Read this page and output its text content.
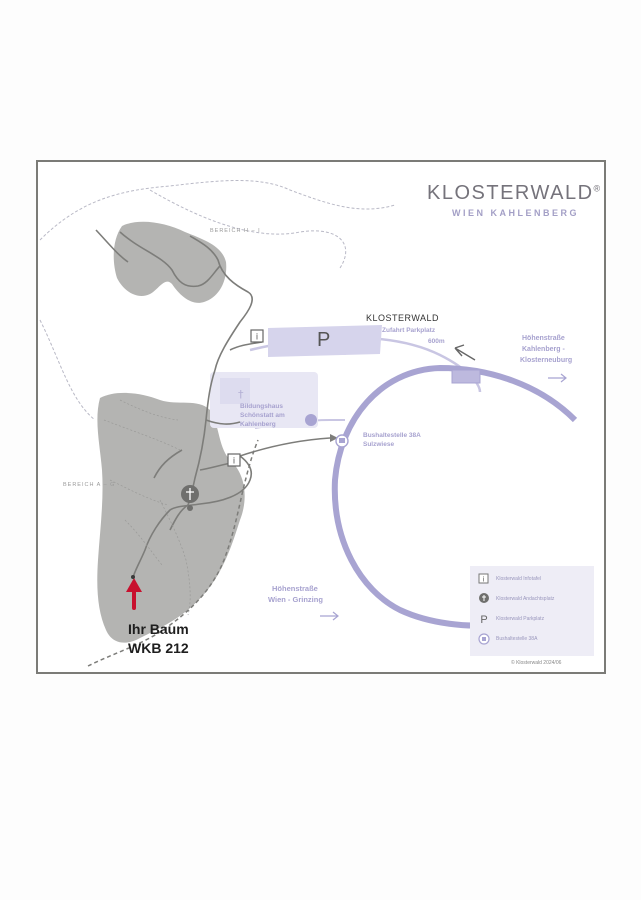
i
i
†
KLOSTERWALD®
WIEN KAHLENBERG
BEREICH H – I
BEREICH A – G
P
KLOSTERWALD
Zufahrt Parkplatz
600m	Höhenstraße
Kahlenberg -
Klosterneuburg
Höhenstraße
Wien - Grinzing
Bildungshaus
Schönstatt am
Kahlenberg
Bushaltestelle 38A
Sulzwiese
Ihr Baum
WKB 212
i Klosterwald Infotafel
Klosterwald Andachtsplatz
P Klosterwald Parkplatz
Bushaltestelle 38A
© Klosterwald 2024/06
